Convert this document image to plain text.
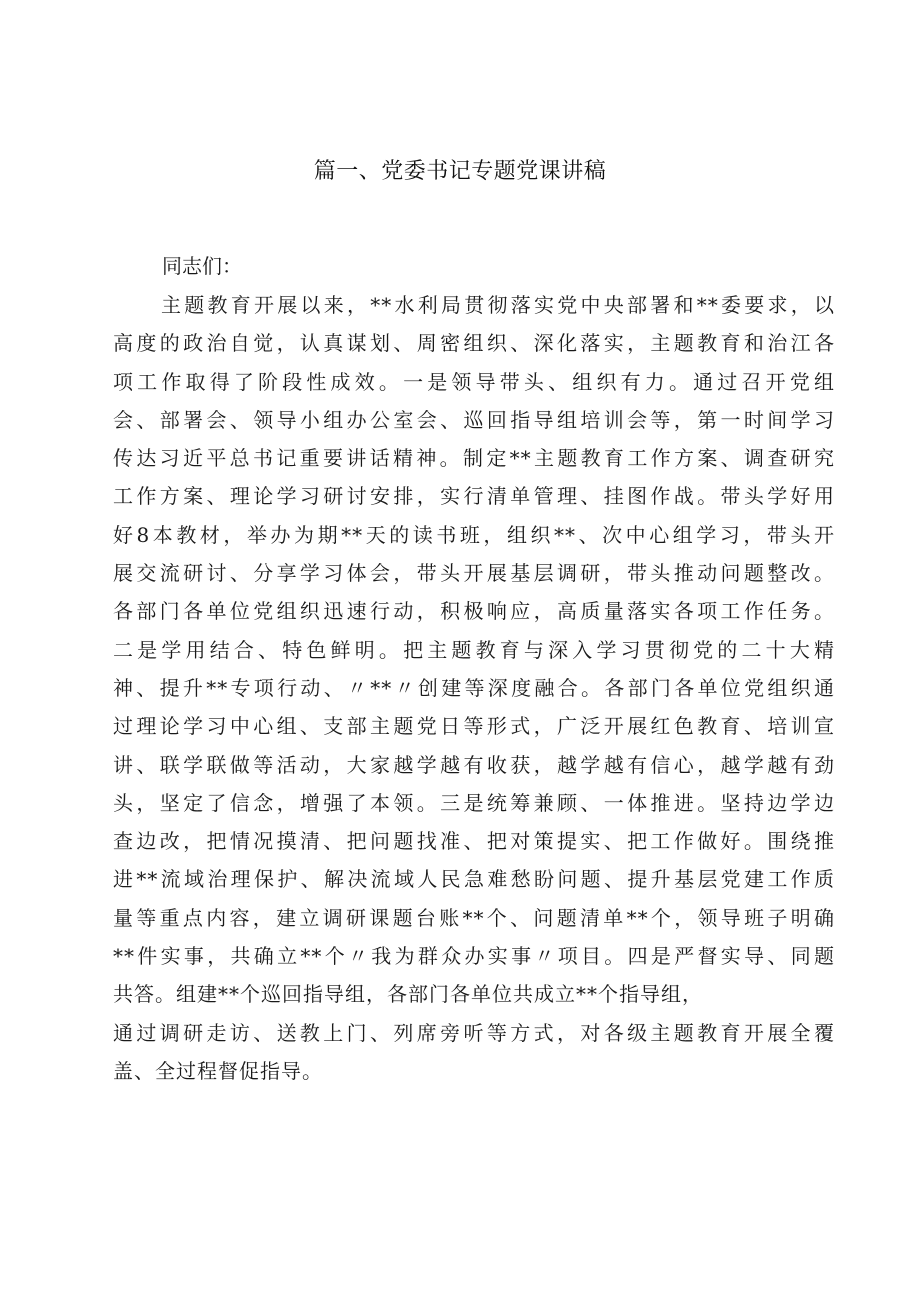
篇一、党委书记专题党课讲稿
同志们：
主题教育开展以来，**水利局贯彻落实党中央部署和**委要求，以
高度的政治自觉，认真谋划、周密组织、深化落实，主题教育和治江各
项工作取得了阶段性成效。一是领导带头、组织有力。通过召开党组
会、部署会、领导小组办公室会、巡回指导组培训会等，第一时间学习
传达习近平总书记重要讲话精神。制定**主题教育工作方案、调查研究
工作方案、理论学习研讨安排，实行清单管理、挂图作战。带头学好用
好8本教材，举办为期**天的读书班，组织**、次中心组学习，带头开
展交流研讨、分享学习体会，带头开展基层调研，带头推动问题整改。
各部门各单位党组织迅速行动，积极响应，高质量落实各项工作任务。
二是学用结合、特色鲜明。把主题教育与深入学习贯彻党的二十大精
神、提升**专项行动、〃**〃创建等深度融合。各部门各单位党组织通
过理论学习中心组、支部主题党日等形式，广泛开展红色教育、培训宣
讲、联学联做等活动，大家越学越有收获，越学越有信心，越学越有劲
头，坚定了信念，增强了本领。三是统筹兼顾、一体推进。坚持边学边
查边改，把情况摸清、把问题找准、把对策提实、把工作做好。围绕推
进**流域治理保护、解决流域人民急难愁盼问题、提升基层党建工作质
量等重点内容，建立调研课题台账**个、问题清单**个，领导班子明确
**件实事，共确立**个〃我为群众办实事〃项目。四是严督实导、同题
共答。组建**个巡回指导组，各部门各单位共成立**个指导组，
通过调研走访、送教上门、列席旁听等方式，对各级主题教育开展全覆
盖、全过程督促指导。
